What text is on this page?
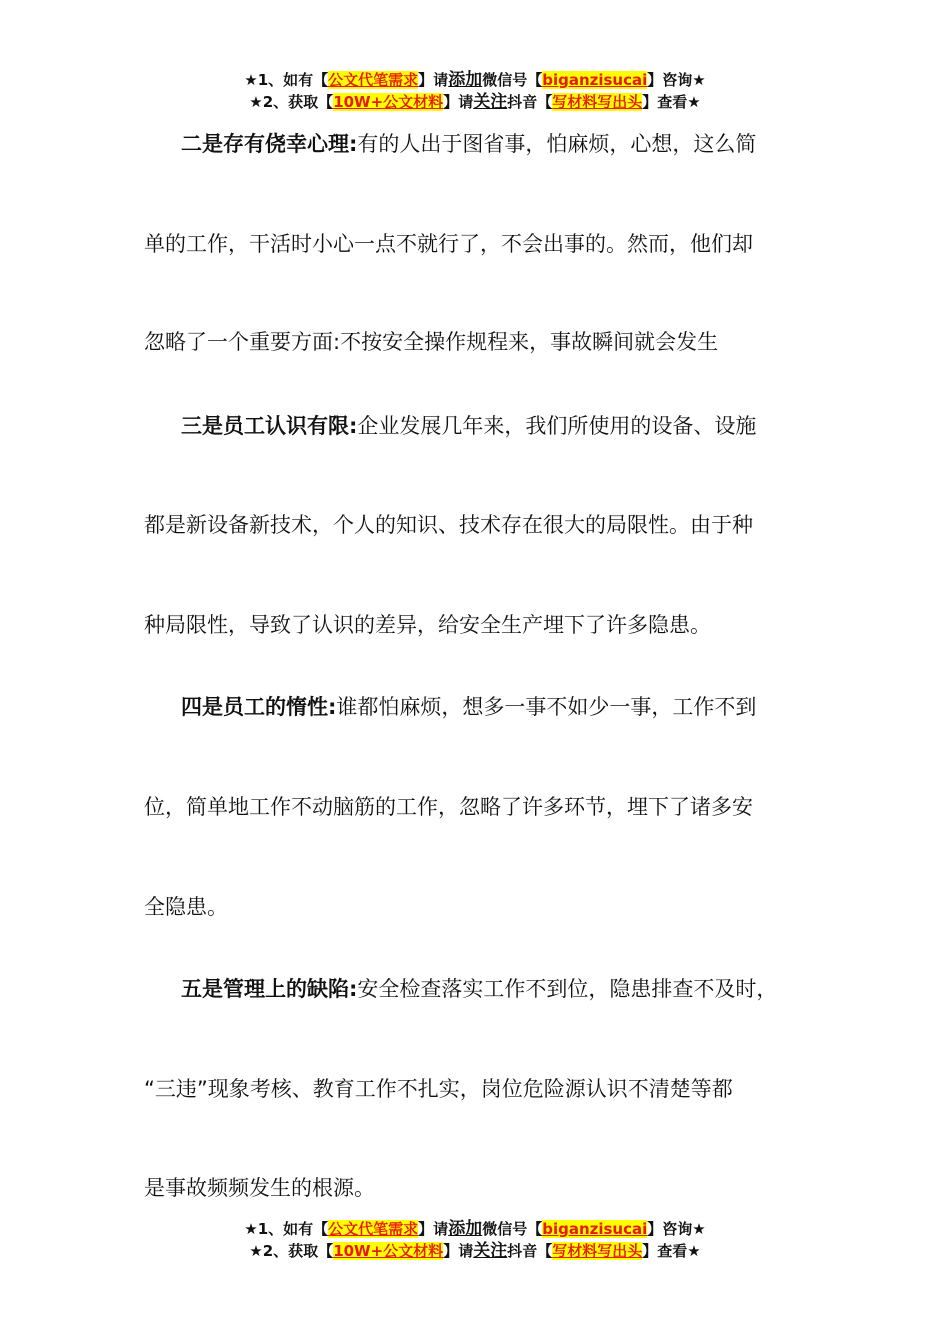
★1、如有【公文代笔需求】请添加微信号【biganzisucai】咨询★
★2、获取【10W+公文材料】请关注抖音【写材料写出头】查看★
二是存有侥幸心理:有的人出于图省事，怕麻烦，心想，这么简
单的工作，干活时小心一点不就行了，不会出事的。然而，他们却
忽略了一个重要方面:不按安全操作规程来，事故瞬间就会发生
三是员工认识有限:企业发展几年来，我们所使用的设备、设施
都是新设备新技术，个人的知识、技术存在很大的局限性。由于种
种局限性，导致了认识的差异，给安全生产埋下了许多隐患。
四是员工的惰性:谁都怕麻烦，想多一事不如少一事，工作不到
位，简单地工作不动脑筋的工作，忽略了许多环节，埋下了诸多安
全隐患。
五是管理上的缺陷:安全检查落实工作不到位，隐患排查不及时，
“三违”现象考核、教育工作不扎实，岗位危险源认识不清楚等都
是事故频频发生的根源。
★1、如有【公文代笔需求】请添加微信号【biganzisucai】咨询★
★2、获取【10W+公文材料】请关注抖音【写材料写出头】查看★
